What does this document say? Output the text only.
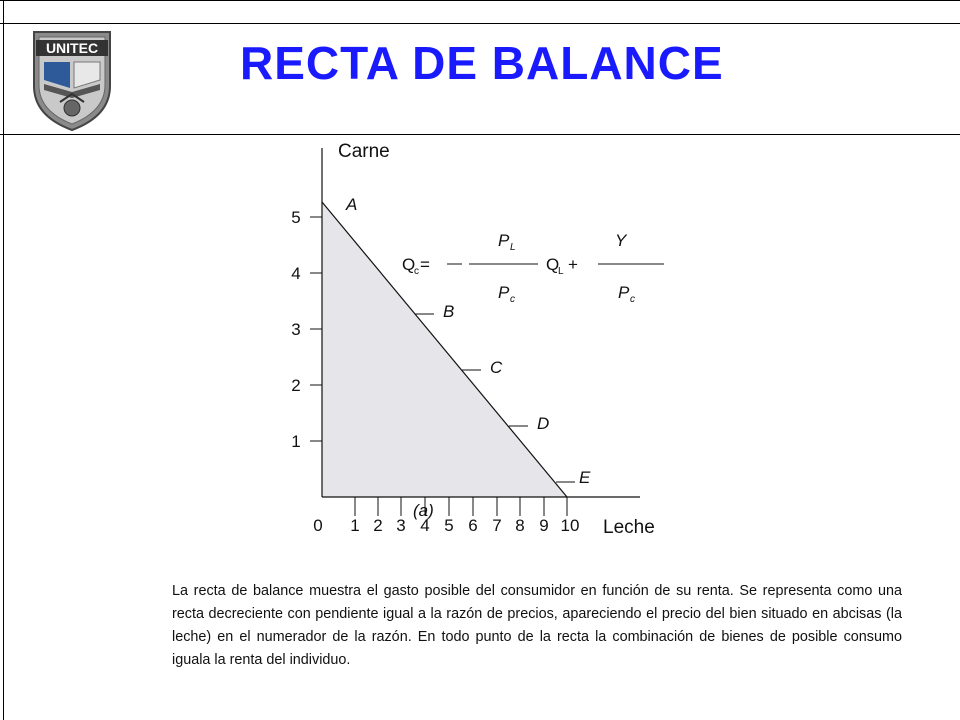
UNITEC	RECTA DE BALANCE
1
2
3
4
5
0 1 2 3 4 5 6 7 8 9 10
Carne
Leche
A
B
C
D
E
(a)
Q
c =
P L
P c
Q
L +
Y
P c

La recta de balance muestra el gasto posible del consumidor en función de su renta. Se representa como una recta decreciente con pendiente igual a la razón de precios, apareciendo el precio del bien situado en abcisas (la leche) en el numerador de la razón. En todo punto de la recta la combinación de bienes de posible consumo iguala la renta del individuo.
